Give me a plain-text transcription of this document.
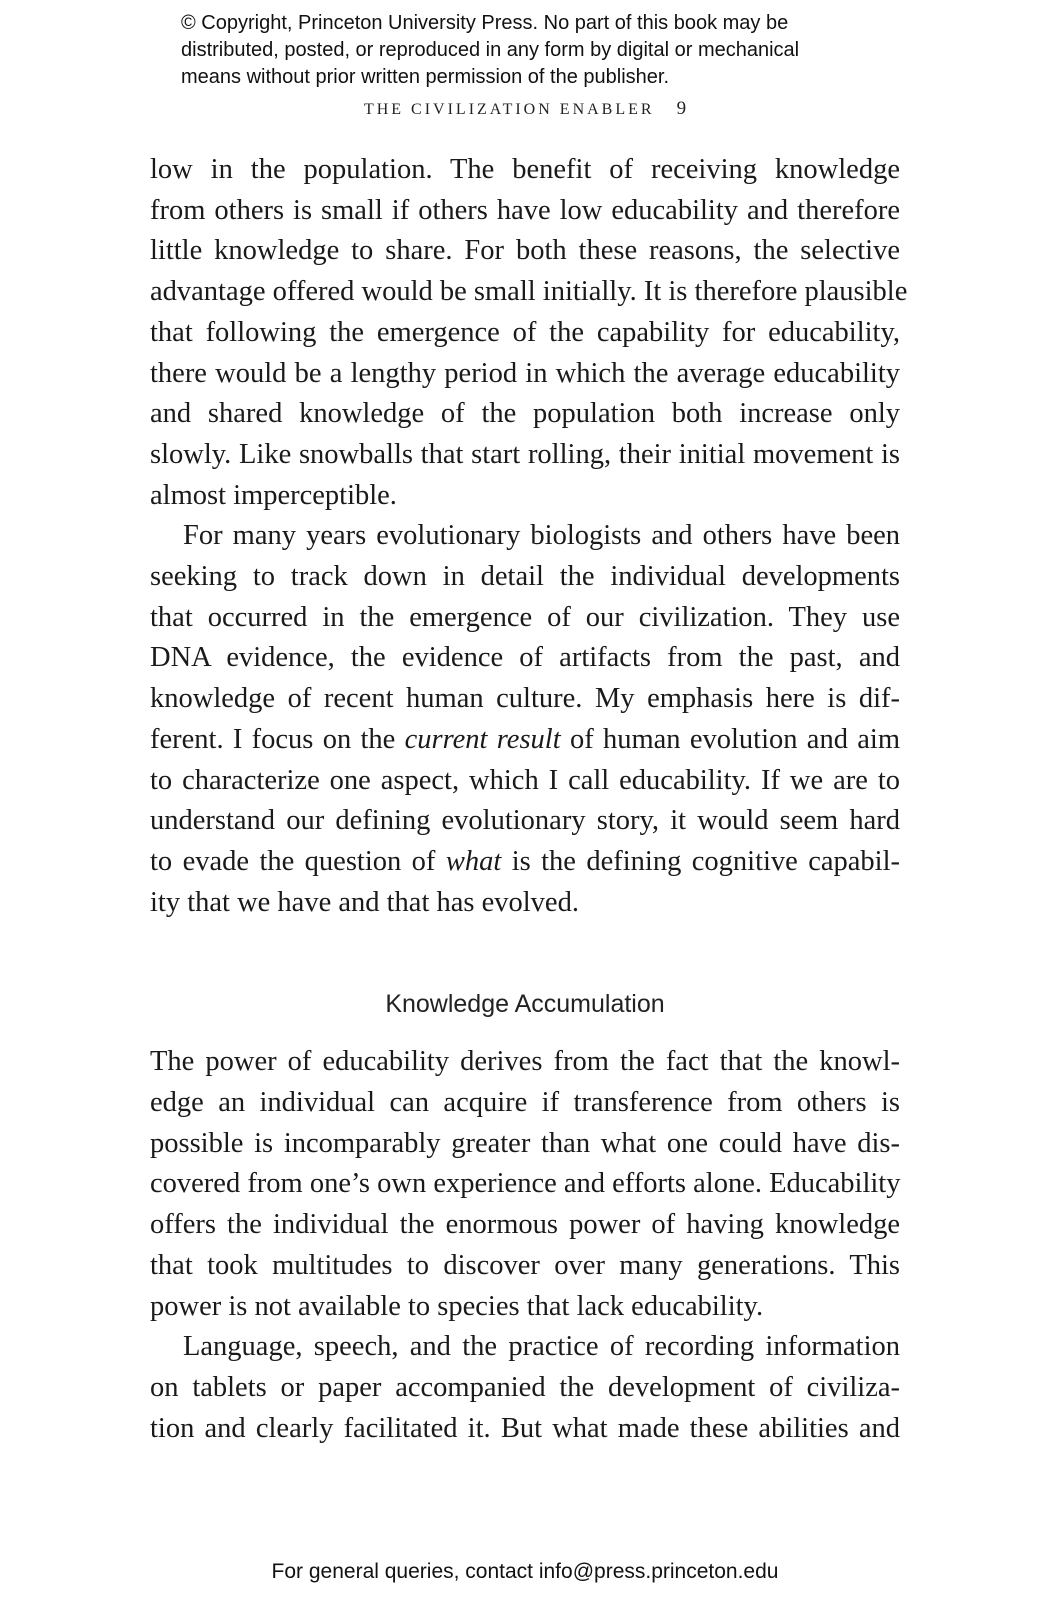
© Copyright, Princeton University Press. No part of this book may be
distributed, posted, or reproduced in any form by digital or mechanical
means without prior written permission of the publisher.
THE CIVILIZATION ENABLER 9
low in the population. The benefit of receiving knowledge
from others is small if others have low educability and therefore
little knowledge to share. For both these reasons, the selective
advantage offered would be small initially. It is therefore plausible
that following the emergence of the capability for educability,
there would be a lengthy period in which the average educability
and shared knowledge of the population both increase only
slowly. Like snowballs that start rolling, their initial movement is
almost imperceptible.
For many years evolutionary biologists and others have been
seeking to track down in detail the individual developments
that occurred in the emergence of our civilization. They use
DNA evidence, the evidence of artifacts from the past, and
knowledge of recent human culture. My emphasis here is dif-
ferent. I focus on the current result of human evolution and aim
to characterize one aspect, which I call educability. If we are to
understand our defining evolutionary story, it would seem hard
to evade the question of what is the defining cognitive capabil-
ity that we have and that has evolved.
Knowledge Accumulation
The power of educability derives from the fact that the knowl-
edge an individual can acquire if transference from others is
possible is incomparably greater than what one could have dis-
covered from one’s own experience and efforts alone. Educability
offers the individual the enormous power of having knowledge
that took multitudes to discover over many generations. This
power is not available to species that lack educability.
Language, speech, and the practice of recording information
on tablets or paper accompanied the development of civiliza-
tion and clearly facilitated it. But what made these abilities and
For general queries, contact info@press.princeton.edu
